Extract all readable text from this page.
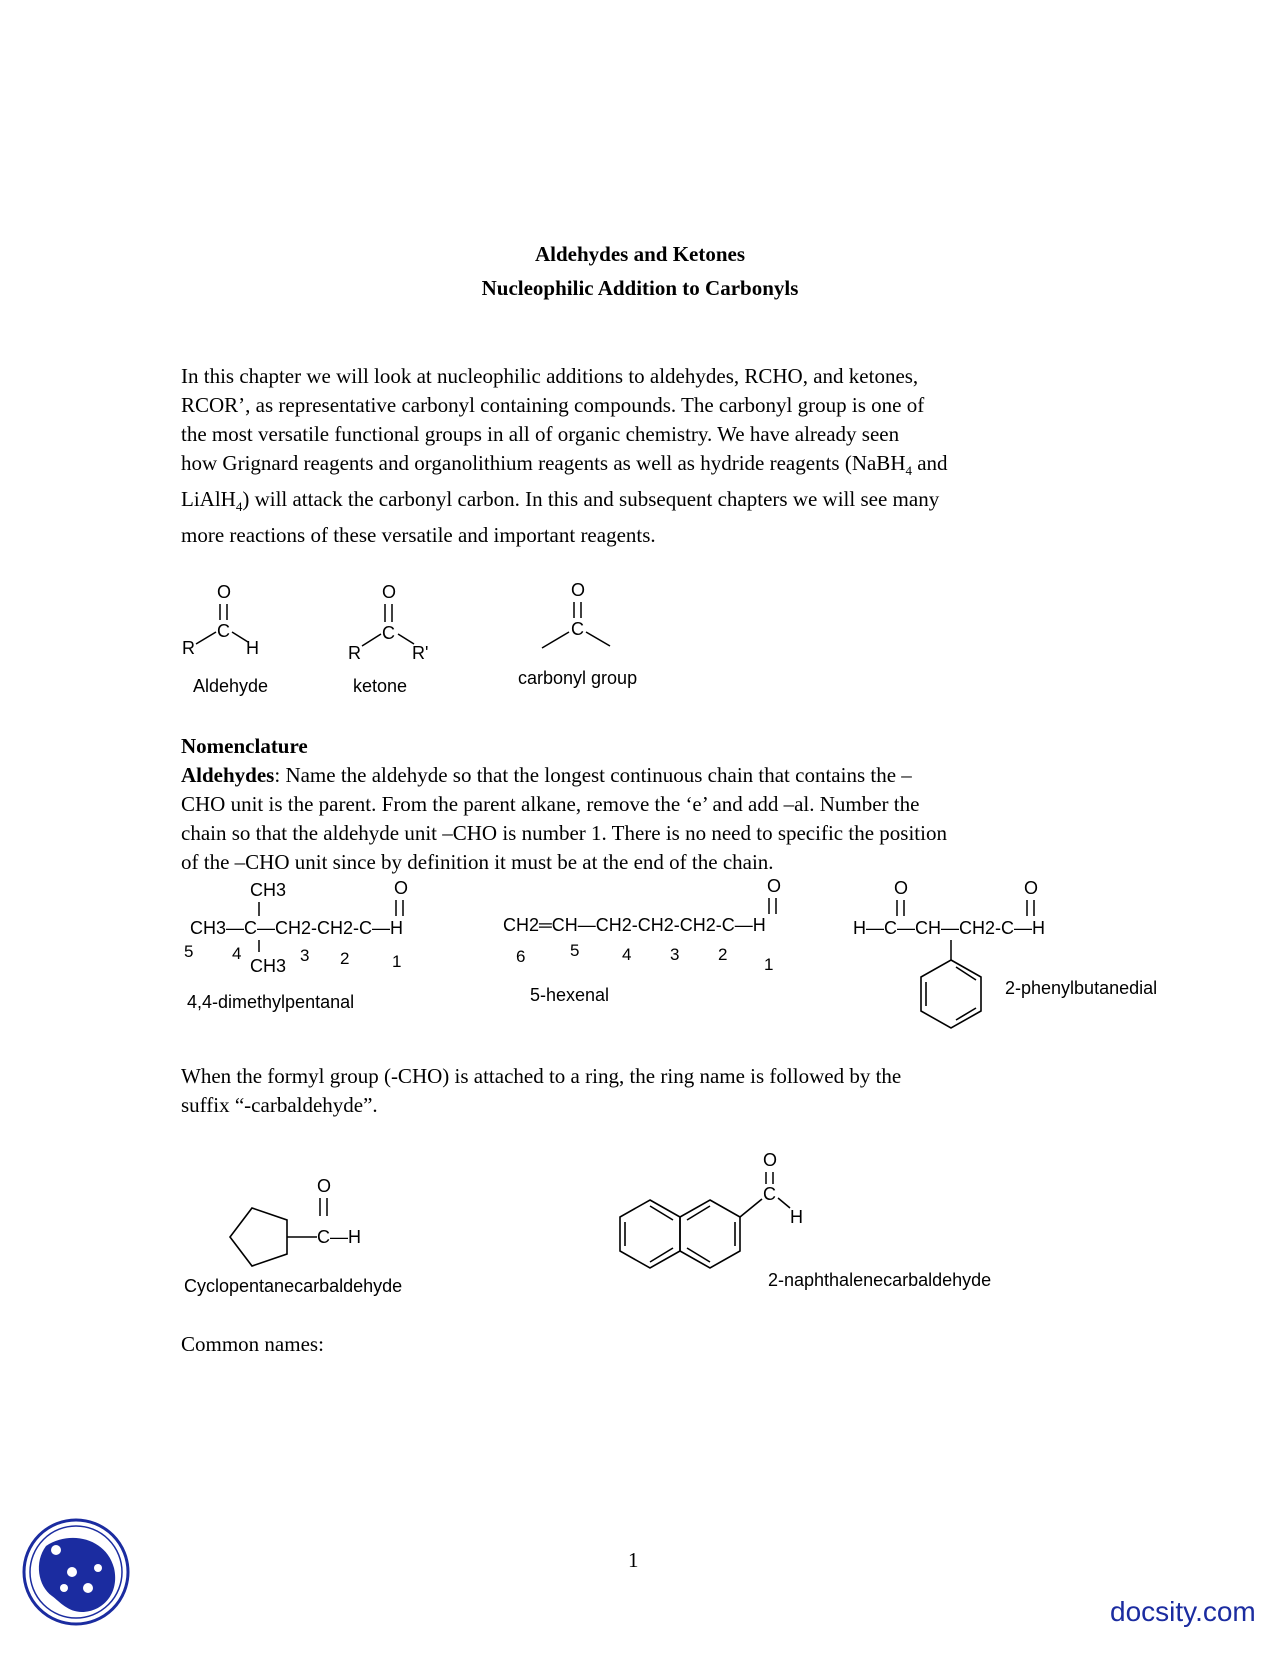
Aldehydes and Ketones
Nucleophilic Addition to Carbonyls

In this chapter we will look at nucleophilic additions to aldehydes, RCHO, and ketones,

RCOR’, as representative carbonyl containing compounds. The carbonyl group is one of

the most versatile functional groups in all of organic chemistry. We have already seen

how Grignard reagents and organolithium reagents as well as hydride reagents (NaBH$_4$ and

LiAlH$_4$) will attack the carbonyl carbon. In this and subsequent chapters we will see many

more reactions of these versatile and important reagents.

O
C
R	H
O
C
R	R'
O
C
Aldehyde	ketone	carbonyl group

Nomenclature

Aldehydes: Name the aldehyde so that the longest continuous chain that contains the –

CHO unit is the parent. From the parent alkane, remove the ‘e’ and add –al. Number the

chain so that the aldehyde unit –CHO is number 1. There is no need to specific the position

of the –CHO unit since by definition it must be at the end of the chain.

CH3	O
CH3—C—CH2-CH2-C—H
CH3
5 4	3 2	1
O
CH2═CH—CH2-CH2-CH2-C—H
6	5	4 3 2
1
O	O
H—C—CH—CH2-C—H
4,4-dimethylpentanal	5-hexenal	2-phenylbutanedial

When the formyl group (-CHO) is attached to a ring, the ring name is followed by the

suffix “-carbaldehyde”.

O
C—H
O
C
H
Cyclopentanecarbaldehyde	2-naphthalenecarbaldehyde
Common names:
1
docsity.com
